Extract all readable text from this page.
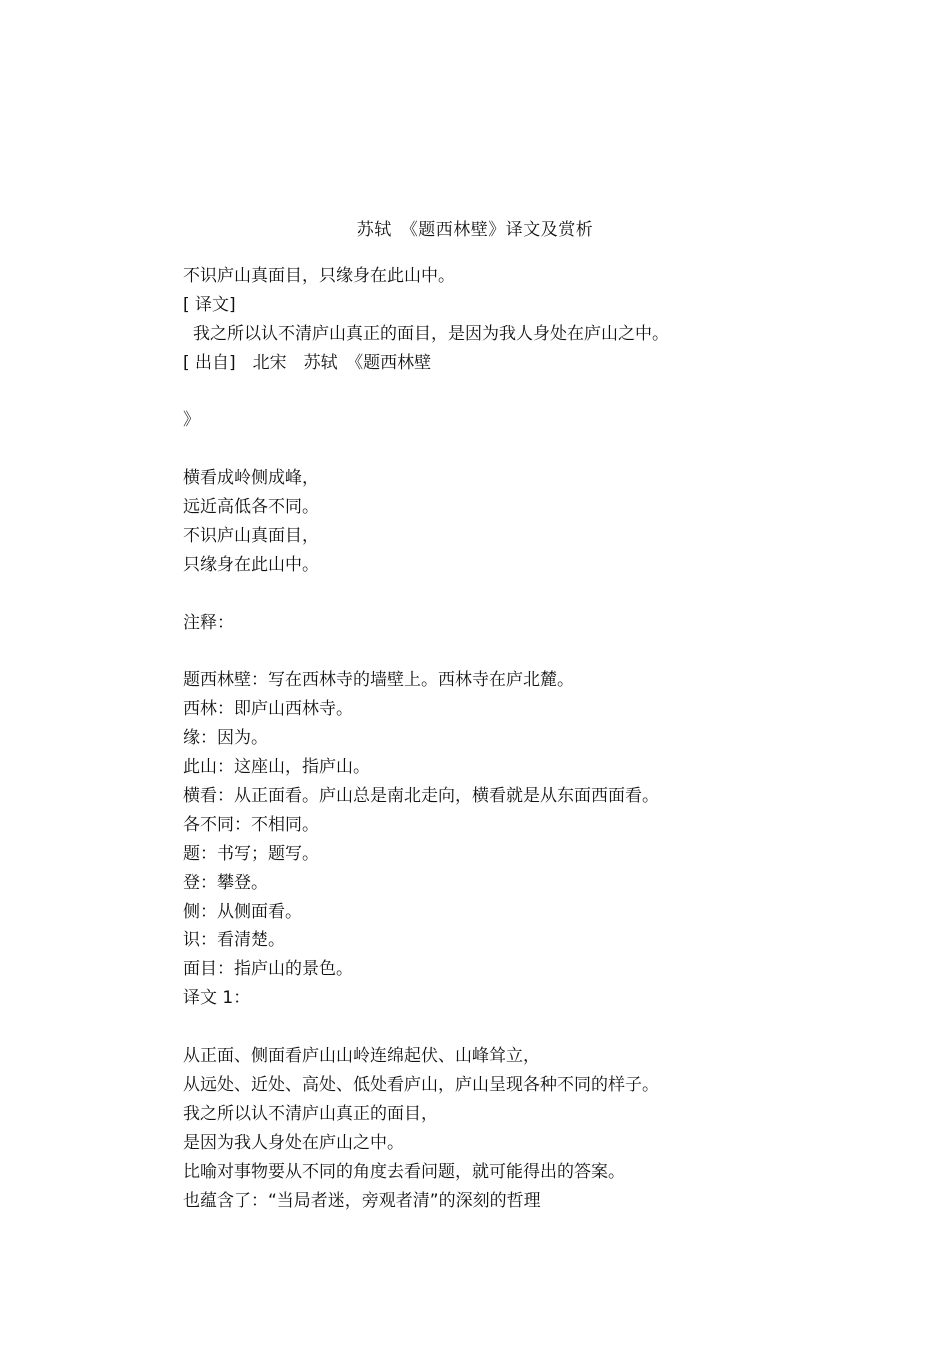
苏轼　《题西林壁》译文及赏析
不识庐山真面目，只缘身在此山中。
[ 译文]
我之所以认不清庐山真正的面目，是因为我人身处在庐山之中。
[ 出自]　北宋　苏轼　《题西林壁
》
横看成岭侧成峰，
远近高低各不同。
不识庐山真面目，
只缘身在此山中。
注释：
题西林壁：写在西林寺的墙壁上。西林寺在庐北麓。
西林：即庐山西林寺。
缘：因为。
此山：这座山，指庐山。
横看：从正面看。庐山总是南北走向，横看就是从东面西面看。
各不同：不相同。
题：书写；题写。
登：攀登。
侧：从侧面看。
识：看清楚。
面目：指庐山的景色。
译文 1：
从正面、侧面看庐山山岭连绵起伏、山峰耸立，
从远处、近处、高处、低处看庐山，庐山呈现各种不同的样子。
我之所以认不清庐山真正的面目，
是因为我人身处在庐山之中。
比喻对事物要从不同的角度去看问题，就可能得出的答案。
也蕴含了：“当局者迷，旁观者清”的深刻的哲理
